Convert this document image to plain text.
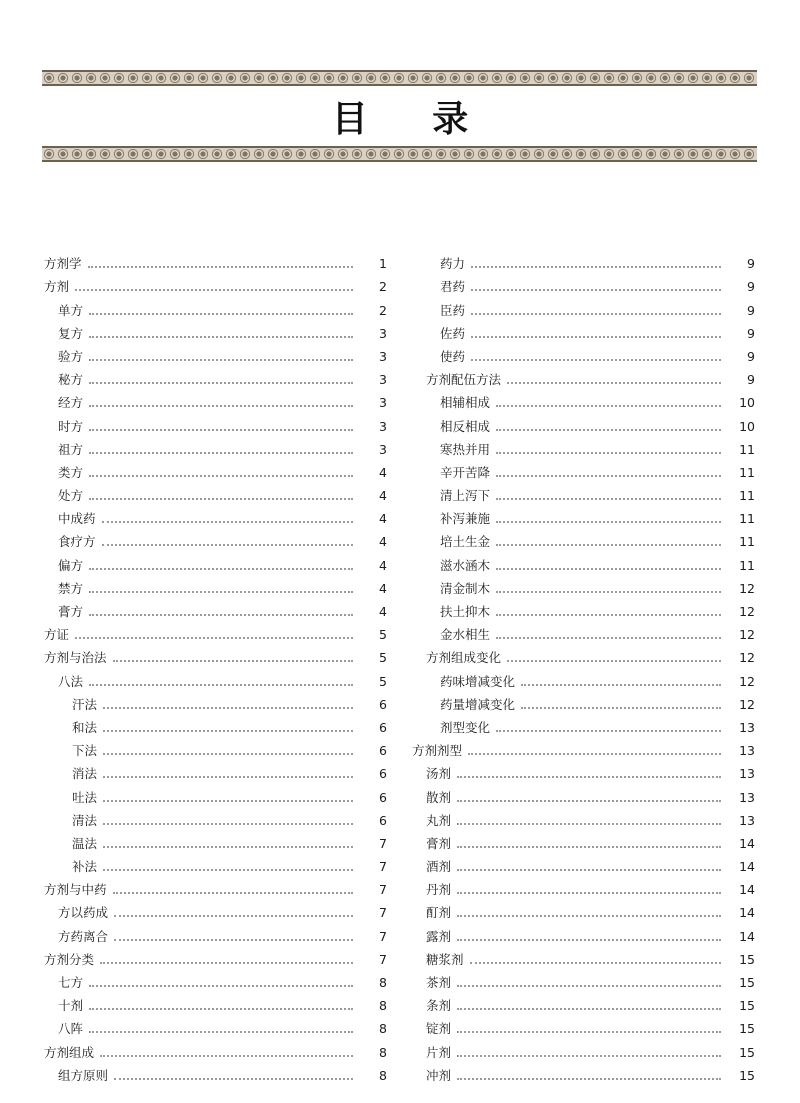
目 录
方剂学	1
方剂	2
单方	2
复方	3
验方	3
秘方	3
经方	3
时方	3
祖方	3
类方	4
处方	4
中成药	4
食疗方	4
偏方	4
禁方	4
膏方	4
方证	5
方剂与治法	5
八法	5
汗法	6
和法	6
下法	6
消法	6
吐法	6
清法	6
温法	7
补法	7
方剂与中药	7
方以药成	7
方药离合	7
方剂分类	7
七方	8
十剂	8
八阵	8
方剂组成	8
组方原则	8
药力	9
君药	9
臣药	9
佐药	9
使药	9
方剂配伍方法	9
相辅相成	10
相反相成	10
寒热并用	11
辛开苦降	11
清上泻下	11
补泻兼施	11
培土生金	11
滋水涵木	11
清金制木	12
扶土抑木	12
金水相生	12
方剂组成变化	12
药味增减变化	12
药量增减变化	12
剂型变化	13
方剂剂型	13
汤剂	13
散剂	13
丸剂	13
膏剂	14
酒剂	14
丹剂	14
酊剂	14
露剂	14
糖浆剂	15
茶剂	15
条剂	15
锭剂	15
片剂	15
冲剂	15
